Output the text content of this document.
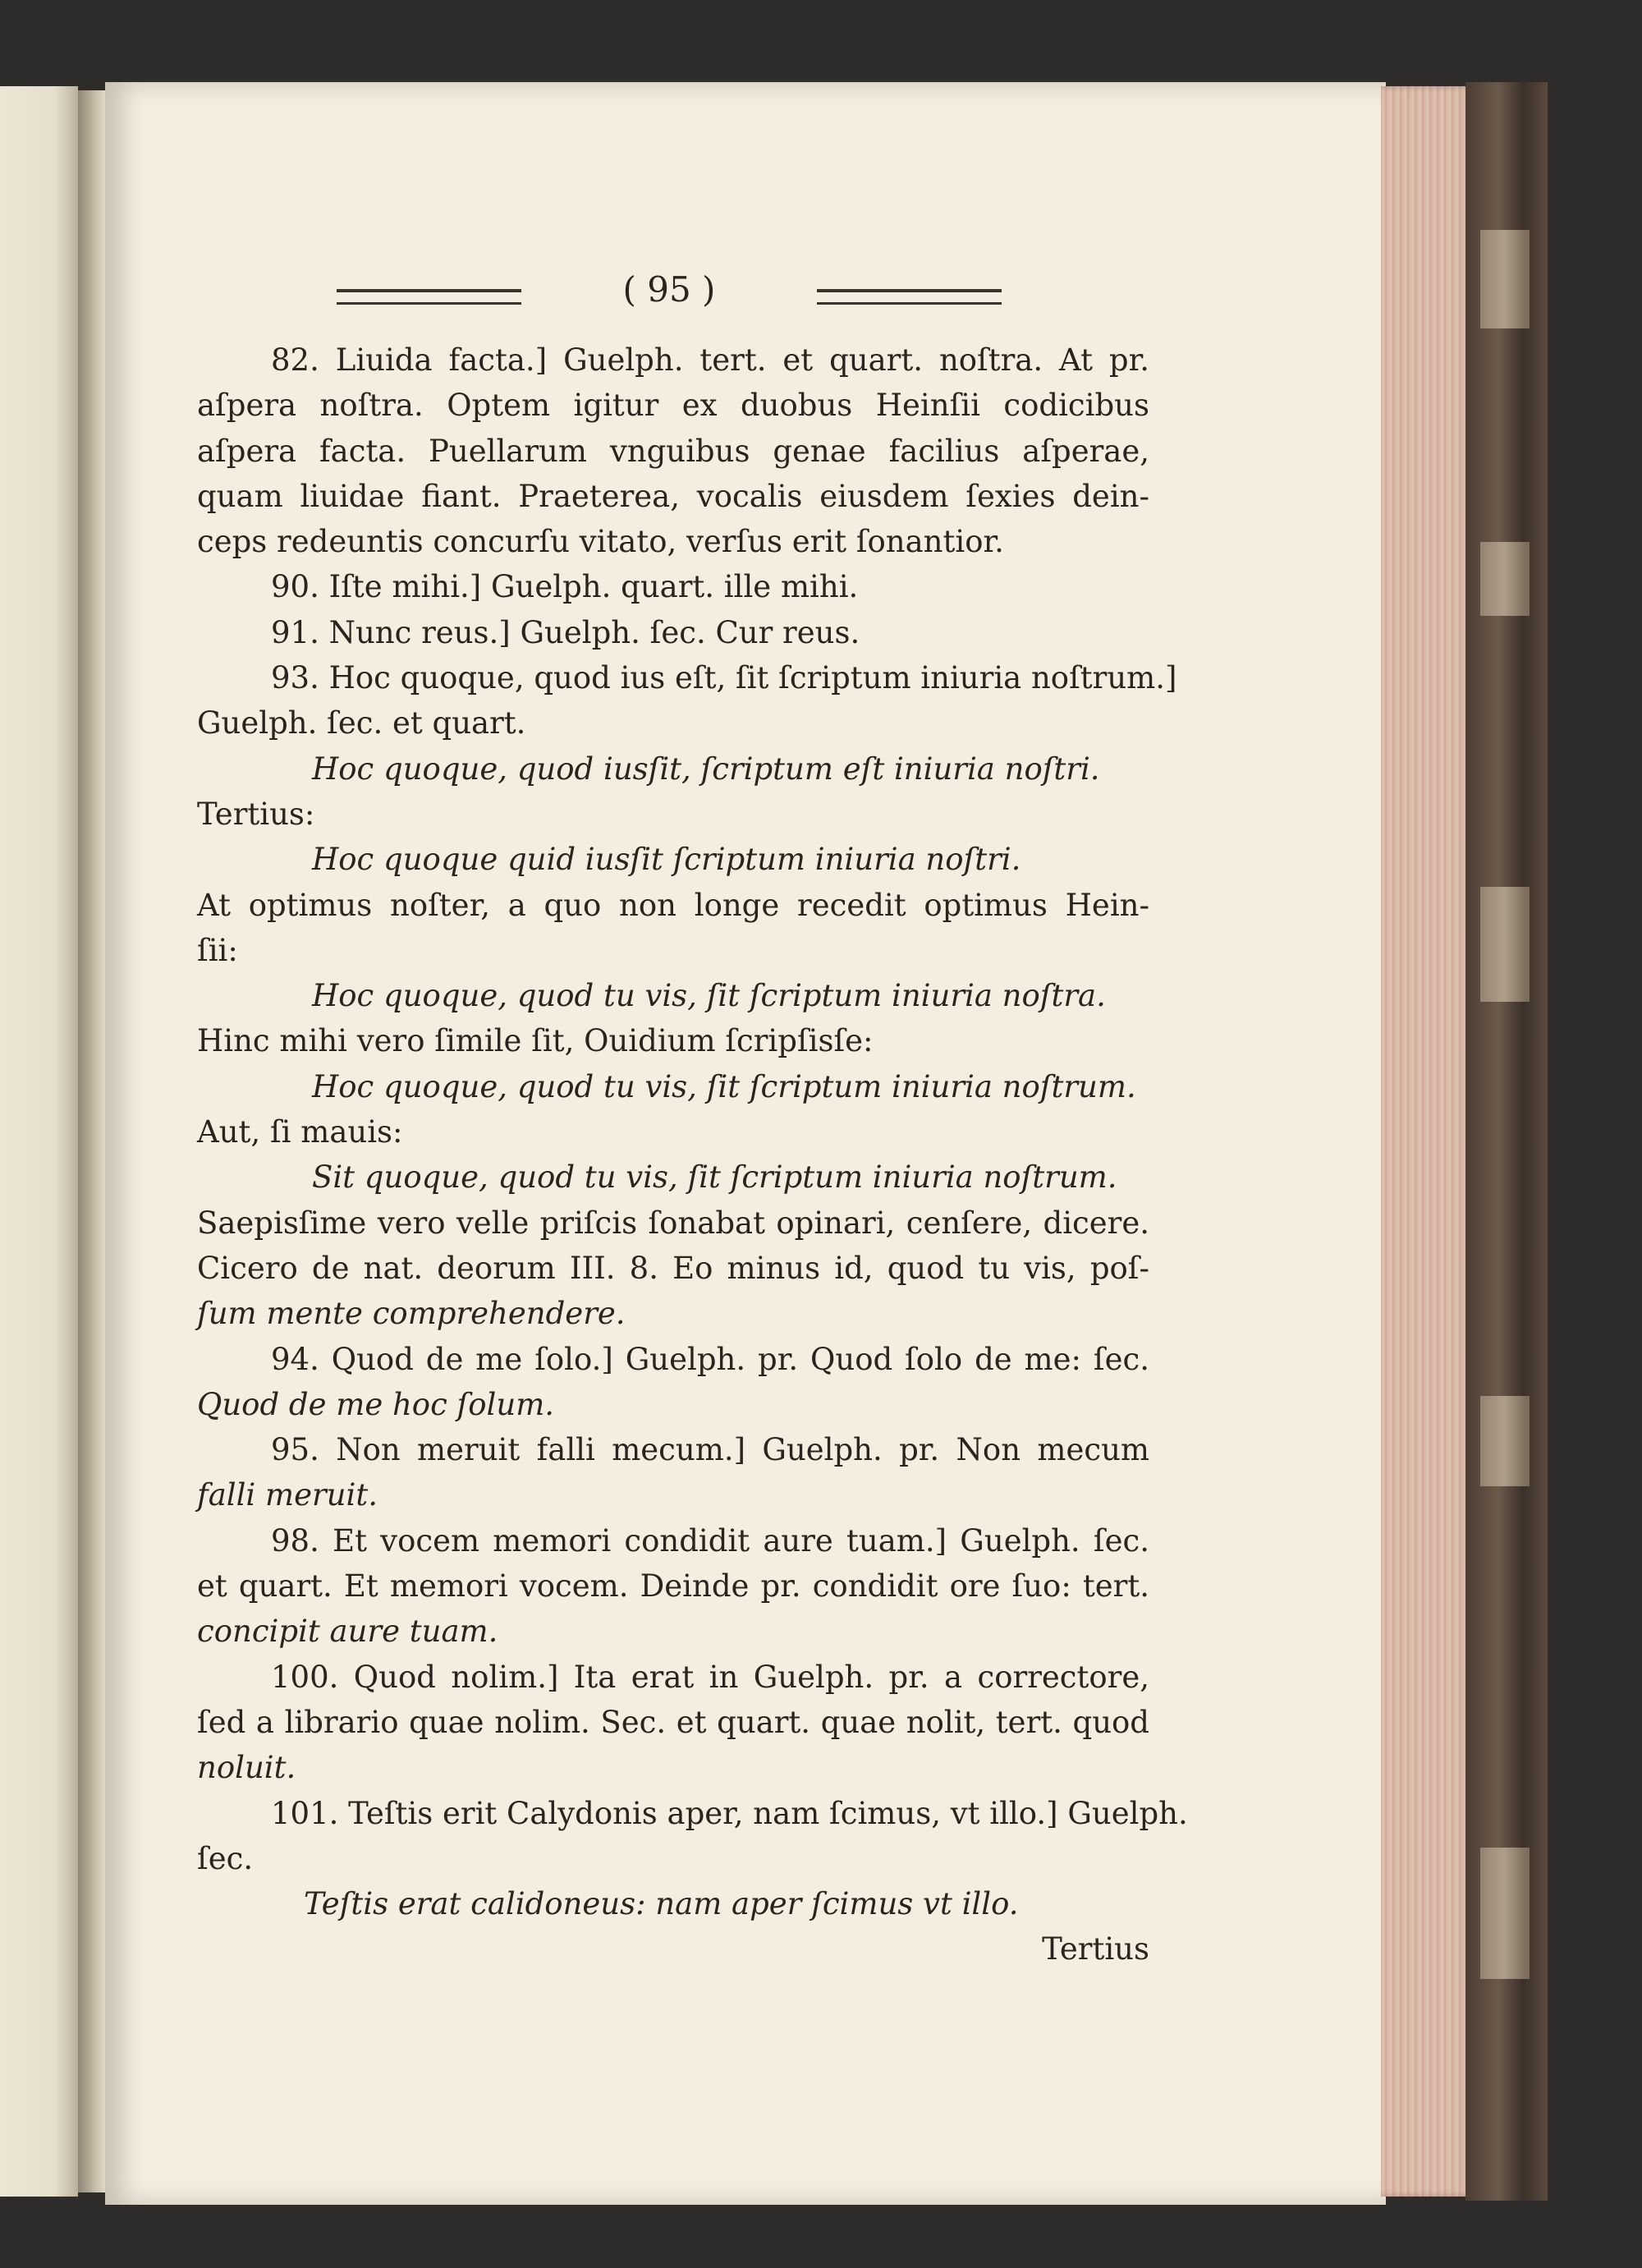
( 95 )
82. Liuida facta.] Guelph. tert. et quart. noſtra. At pr.
aſpera noſtra. Optem igitur ex duobus Heinſii codicibus
aſpera facta. Puellarum vnguibus genae facilius aſperae,
quam liuidae fiant. Praeterea, vocalis eiusdem ſexies dein-
ceps redeuntis concurſu vitato, verſus erit ſonantior.
90. Iſte mihi.] Guelph. quart. ille mihi.
91. Nunc reus.] Guelph. ſec. Cur reus.
93. Hoc quoque, quod ius eſt, ſit ſcriptum iniuria noſtrum.]
Guelph. ſec. et quart.
Hoc quoque, quod iusſit, ſcriptum eſt iniuria noſtri.
Tertius:
Hoc quoque quid iusſit ſcriptum iniuria noſtri.
At optimus noſter, a quo non longe recedit optimus Hein-
ſii:
Hoc quoque, quod tu vis, ſit ſcriptum iniuria noſtra.
Hinc mihi vero ſimile ſit, Ouidium ſcripſisſe:
Hoc quoque, quod tu vis, ſit ſcriptum iniuria noſtrum.
Aut, ſi mauis:
Sit quoque, quod tu vis, ſit ſcriptum iniuria noſtrum.
Saepisſime vero velle priſcis ſonabat opinari, cenſere, dicere.
Cicero de nat. deorum III. 8. Eo minus id, quod tu vis, poſ-
ſum mente comprehendere.
94. Quod de me ſolo.] Guelph. pr. Quod ſolo de me: ſec.
Quod de me hoc ſolum.
95. Non meruit falli mecum.] Guelph. pr. Non mecum
falli meruit.
98. Et vocem memori condidit aure tuam.] Guelph. ſec.
et quart. Et memori vocem. Deinde pr. condidit ore ſuo: tert.
concipit aure tuam.
100. Quod nolim.] Ita erat in Guelph. pr. a correctore,
ſed a librario quae nolim. Sec. et quart. quae nolit, tert. quod
noluit.
101. Teſtis erit Calydonis aper, nam ſcimus, vt illo.] Guelph.
ſec.
Teſtis erat calidoneus: nam aper ſcimus vt illo.
Tertius
